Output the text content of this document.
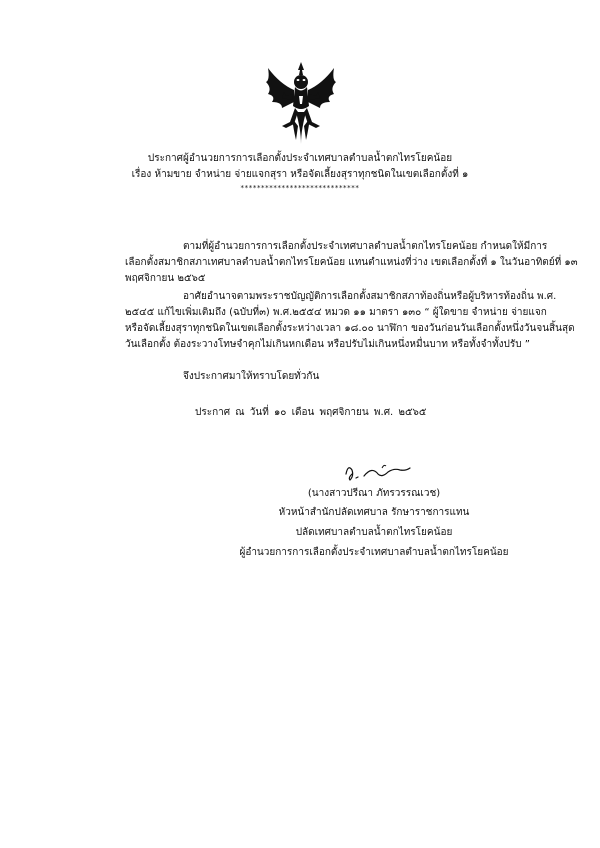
ประกาศผู้อำนวยการการเลือกตั้งประจำเทศบาลตำบลน้ำตกไทรโยคน้อย
เรื่อง ห้ามขาย จำหน่าย จ่ายแจกสุรา หรือจัดเลี้ยงสุราทุกชนิดในเขตเลือกตั้งที่ ๑
*****************************
ตามที่ผู้อำนวยการการเลือกตั้งประจำเทศบาลตำบลน้ำตกไทรโยคน้อย กำหนดให้มีการ
เลือกตั้งสมาชิกสภาเทศบาลตำบลน้ำตกไทรโยคน้อย แทนตำแหน่งที่ว่าง เขตเลือกตั้งที่ ๑ ในวันอาทิตย์ที่ ๑๓
พฤศจิกายน ๒๕๖๕
อาศัยอำนาจตามพระราชบัญญัติการเลือกตั้งสมาชิกสภาท้องถิ่นหรือผู้บริหารท้องถิ่น พ.ศ.
๒๕๔๕ แก้ไขเพิ่มเติมถึง (ฉบับที่๓) พ.ศ.๒๕๕๔ หมวด ๑๑ มาตรา ๑๓๐ “ ผู้ใดขาย จำหน่าย จ่ายแจก
หรือจัดเลี้ยงสุราทุกชนิดในเขตเลือกตั้งระหว่างเวลา ๑๘.๐๐ นาฬิกา ของวันก่อนวันเลือกตั้งหนึ่งวันจนสิ้นสุด
วันเลือกตั้ง ต้องระวางโทษจำคุกไม่เกินหกเดือน หรือปรับไม่เกินหนึ่งหมื่นบาท หรือทั้งจำทั้งปรับ ”
จึงประกาศมาให้ทราบโดยทั่วกัน
ประกาศ ณ วันที่ ๑๐ เดือน พฤศจิกายน พ.ศ. ๒๕๖๕
(นางสาวปรีณา ภัทรวรรณเวช)
หัวหน้าสำนักปลัดเทศบาล รักษาราชการแทน
ปลัดเทศบาลตำบลน้ำตกไทรโยคน้อย
ผู้อำนวยการการเลือกตั้งประจำเทศบาลตำบลน้ำตกไทรโยคน้อย
